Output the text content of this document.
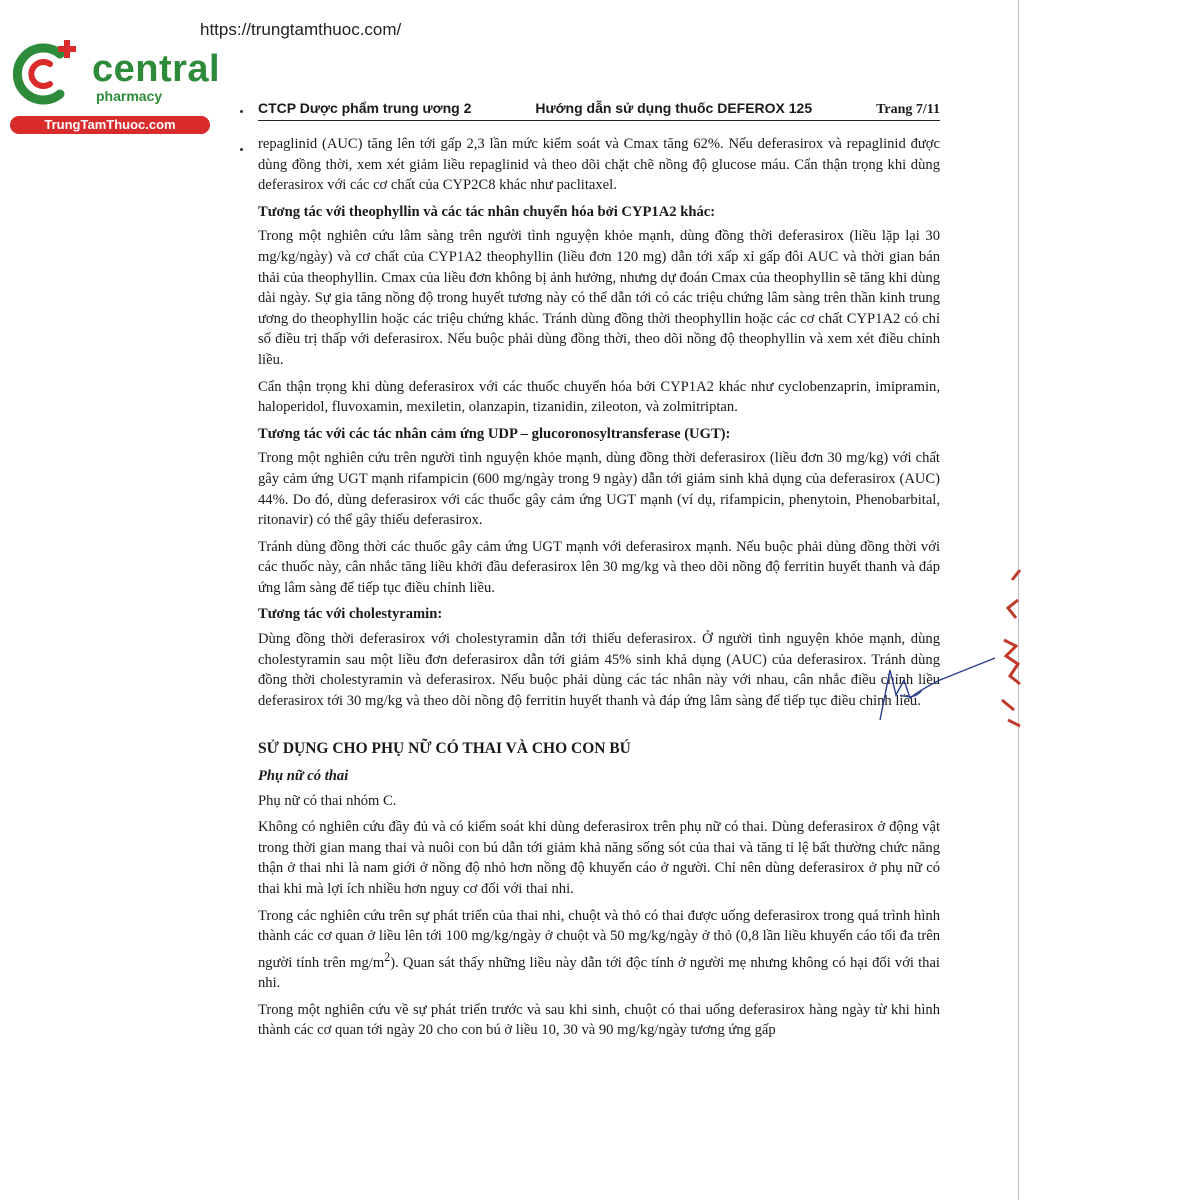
https://trungtamthuoc.com/
central
pharmacy
TrungTamThuoc.com
CTCP Dược phẩm trung ương 2	Hướng dẫn sử dụng thuốc DEFEROX 125	Trang 7/11

repaglinid (AUC) tăng lên tới gấp 2,3 lần mức kiểm soát và Cmax tăng 62%. Nếu deferasirox và repaglinid được dùng đồng thời, xem xét giảm liều repaglinid và theo dõi chặt chẽ nồng độ glucose máu. Cẩn thận trọng khi dùng deferasirox với các cơ chất của CYP2C8 khác như paclitaxel.

Tương tác với theophyllin và các tác nhân chuyển hóa bởi CYP1A2 khác:

Trong một nghiên cứu lâm sàng trên người tình nguyện khỏe mạnh, dùng đồng thời deferasirox (liều lặp lại 30 mg/kg/ngày) và cơ chất của CYP1A2 theophyllin (liều đơn 120 mg) dẫn tới xấp xỉ gấp đôi AUC và thời gian bán thải của theophyllin. Cmax của liều đơn không bị ảnh hưởng, nhưng dự đoán Cmax của theophyllin sẽ tăng khi dùng dài ngày. Sự gia tăng nồng độ trong huyết tương này có thể dẫn tới có các triệu chứng lâm sàng trên thần kinh trung ương do theophyllin hoặc các triệu chứng khác. Tránh dùng đồng thời theophyllin hoặc các cơ chất CYP1A2 có chỉ số điều trị thấp với deferasirox. Nếu buộc phải dùng đồng thời, theo dõi nồng độ theophyllin và xem xét điều chỉnh liều.

Cẩn thận trọng khi dùng deferasirox với các thuốc chuyển hóa bởi CYP1A2 khác như cyclobenzaprin, imipramin, haloperidol, fluvoxamin, mexiletin, olanzapin, tizanidin, zileoton, và zolmitriptan.

Tương tác với các tác nhân cảm ứng UDP – glucoronosyltransferase (UGT):

Trong một nghiên cứu trên người tình nguyện khỏe mạnh, dùng đồng thời deferasirox (liều đơn 30 mg/kg) với chất gây cảm ứng UGT mạnh rifampicin (600 mg/ngày trong 9 ngày) dẫn tới giảm sinh khả dụng của deferasirox (AUC) 44%. Do đó, dùng deferasirox với các thuốc gây cảm ứng UGT mạnh (ví dụ, rifampicin, phenytoin, Phenobarbital, ritonavir) có thể gây thiếu deferasirox.

Tránh dùng đồng thời các thuốc gây cảm ứng UGT mạnh với deferasirox mạnh. Nếu buộc phải dùng đồng thời với các thuốc này, cân nhắc tăng liều khởi đầu deferasirox lên 30 mg/kg và theo dõi nồng độ ferritin huyết thanh và đáp ứng lâm sàng để tiếp tục điều chỉnh liều.

Tương tác với cholestyramin:

Dùng đồng thời deferasirox với cholestyramin dẫn tới thiếu deferasirox. Ở người tình nguyện khỏe mạnh, dùng cholestyramin sau một liều đơn deferasirox dẫn tới giảm 45% sinh khả dụng (AUC) của deferasirox. Tránh dùng đồng thời cholestyramin và deferasirox. Nếu buộc phải dùng các tác nhân này với nhau, cân nhắc điều chỉnh liều deferasirox tới 30 mg/kg và theo dõi nồng độ ferritin huyết thanh và đáp ứng lâm sàng để tiếp tục điều chỉnh liều.

SỬ DỤNG CHO PHỤ NỮ CÓ THAI VÀ CHO CON BÚ
Phụ nữ có thai

Phụ nữ có thai nhóm C.

Không có nghiên cứu đầy đủ và có kiểm soát khi dùng deferasirox trên phụ nữ có thai. Dùng deferasirox ở động vật trong thời gian mang thai và nuôi con bú dẫn tới giảm khả năng sống sót của thai và tăng tỉ lệ bất thường chức năng thận ở thai nhi là nam giới ở nồng độ nhỏ hơn nồng độ khuyến cáo ở người. Chỉ nên dùng deferasirox ở phụ nữ có thai khi mà lợi ích nhiều hơn nguy cơ đối với thai nhi.

Trong các nghiên cứu trên sự phát triển của thai nhi, chuột và thỏ có thai được uống deferasirox trong quá trình hình thành các cơ quan ở liều lên tới 100 mg/kg/ngày ở chuột và 50 mg/kg/ngày ở thỏ (0,8 lần liều khuyến cáo tối đa trên người tính trên $mg/m^2$). Quan sát thấy những liều này dẫn tới độc tính ở người mẹ nhưng không có hại đối với thai nhi.

Trong một nghiên cứu về sự phát triển trước và sau khi sinh, chuột có thai uống deferasirox hàng ngày từ khi hình thành các cơ quan tới ngày 20 cho con bú ở liều 10, 30 và 90 mg/kg/ngày tương ứng gấp
